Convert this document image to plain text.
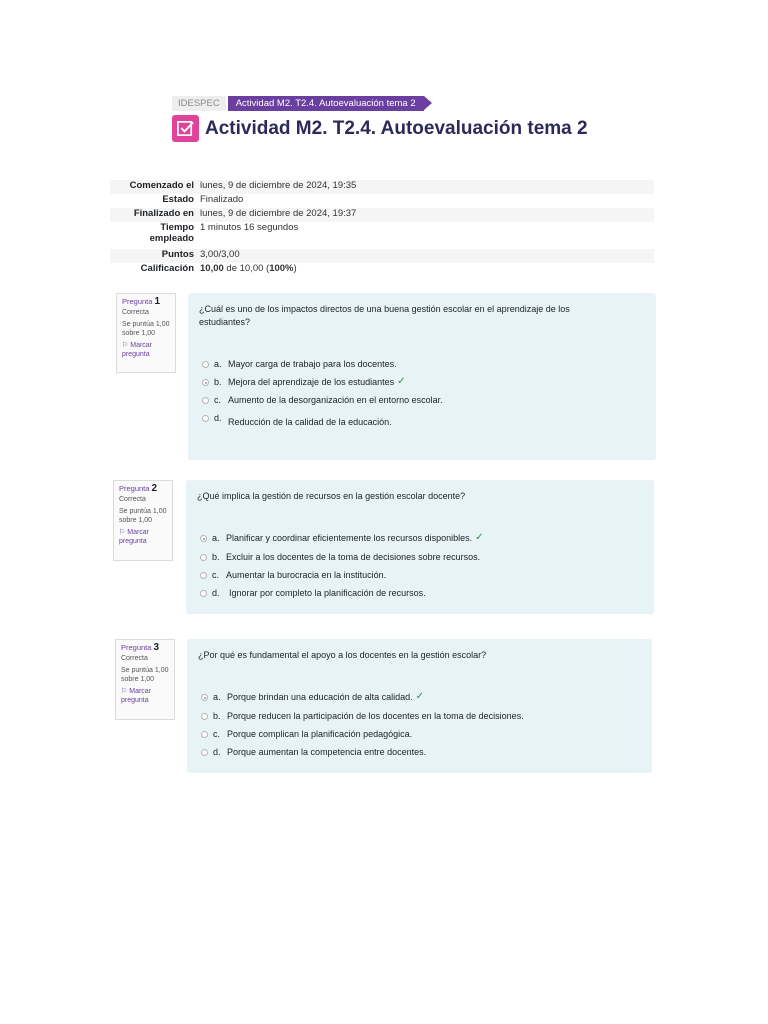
IDESPEC	Actividad M2. T2.4. Autoevaluación tema 2
Actividad M2. T2.4. Autoevaluación tema 2
Comenzado el	lunes, 9 de diciembre de 2024, 19:35
Estado	Finalizado
Finalizado en	lunes, 9 de diciembre de 2024, 19:37

Tiempo
empleado	1 minutos 16 segundos
Puntos	3,00/3,00
Calificación	10,00 de 10,00 (100%)
Pregunta 1
Correcta
Se puntúa 1,00
sobre 1,00
⚐ Marcar
pregunta
¿Cuál es uno de los impactos directos de una buena gestión escolar en el aprendizaje de los estudiantes?
a. Mayor carga de trabajo para los docentes.
b. Mejora del aprendizaje de los estudiantes ✓
c. Aumento de la desorganización en el entorno escolar.
d. Reducción de la calidad de la educación.
Pregunta 2
Correcta
Se puntúa 1,00
sobre 1,00
⚐ Marcar
pregunta
¿Qué implica la gestión de recursos en la gestión escolar docente?
a. Planificar y coordinar eficientemente los recursos disponibles. ✓
b. Excluir a los docentes de la toma de decisiones sobre recursos.
c. Aumentar la burocracia en la institución.
d.	Ignorar por completo la planificación de recursos.
Pregunta 3
Correcta
Se puntúa 1,00
sobre 1,00
⚐ Marcar
pregunta
¿Por qué es fundamental el apoyo a los docentes en la gestión escolar?
a. Porque brindan una educación de alta calidad. ✓
b. Porque reducen la participación de los docentes en la toma de decisiones.
c. Porque complican la planificación pedagógica.
d. Porque aumentan la competencia entre docentes.
